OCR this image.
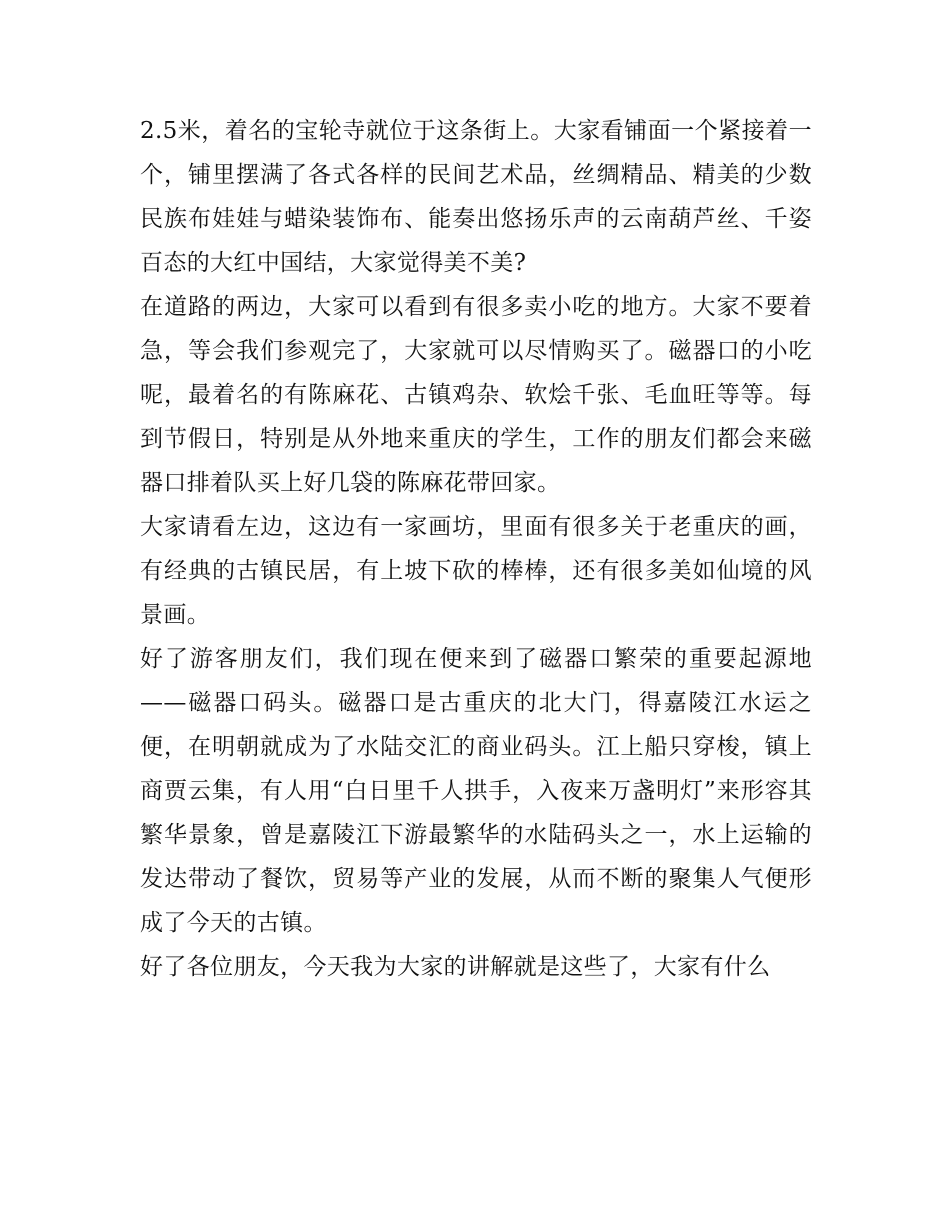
2.5米，着名的宝轮寺就位于这条街上。大家看铺面一个紧接着一个，铺里摆满了各式各样的民间艺术品，丝绸精品、精美的少数民族布娃娃与蜡染装饰布、能奏出悠扬乐声的云南葫芦丝、千姿百态的大红中国结，大家觉得美不美?

在道路的两边，大家可以看到有很多卖小吃的地方。大家不要着急，等会我们参观完了，大家就可以尽情购买了。磁器口的小吃呢，最着名的有陈麻花、古镇鸡杂、软烩千张、毛血旺等等。每到节假日，特别是从外地来重庆的学生，工作的朋友们都会来磁器口排着队买上好几袋的陈麻花带回家。

大家请看左边，这边有一家画坊，里面有很多关于老重庆的画，有经典的古镇民居，有上坡下砍的棒棒，还有很多美如仙境的风景画。

好了游客朋友们，我们现在便来到了磁器口繁荣的重要起源地——磁器口码头。磁器口是古重庆的北大门，得嘉陵江水运之便，在明朝就成为了水陆交汇的商业码头。江上船只穿梭，镇上商贾云集，有人用“白日里千人拱手，入夜来万盏明灯”来形容其繁华景象，曾是嘉陵江下游最繁华的水陆码头之一，水上运输的发达带动了餐饮，贸易等产业的发展，从而不断的聚集人气便形成了今天的古镇。

好了各位朋友，今天我为大家的讲解就是这些了，大家有什么
